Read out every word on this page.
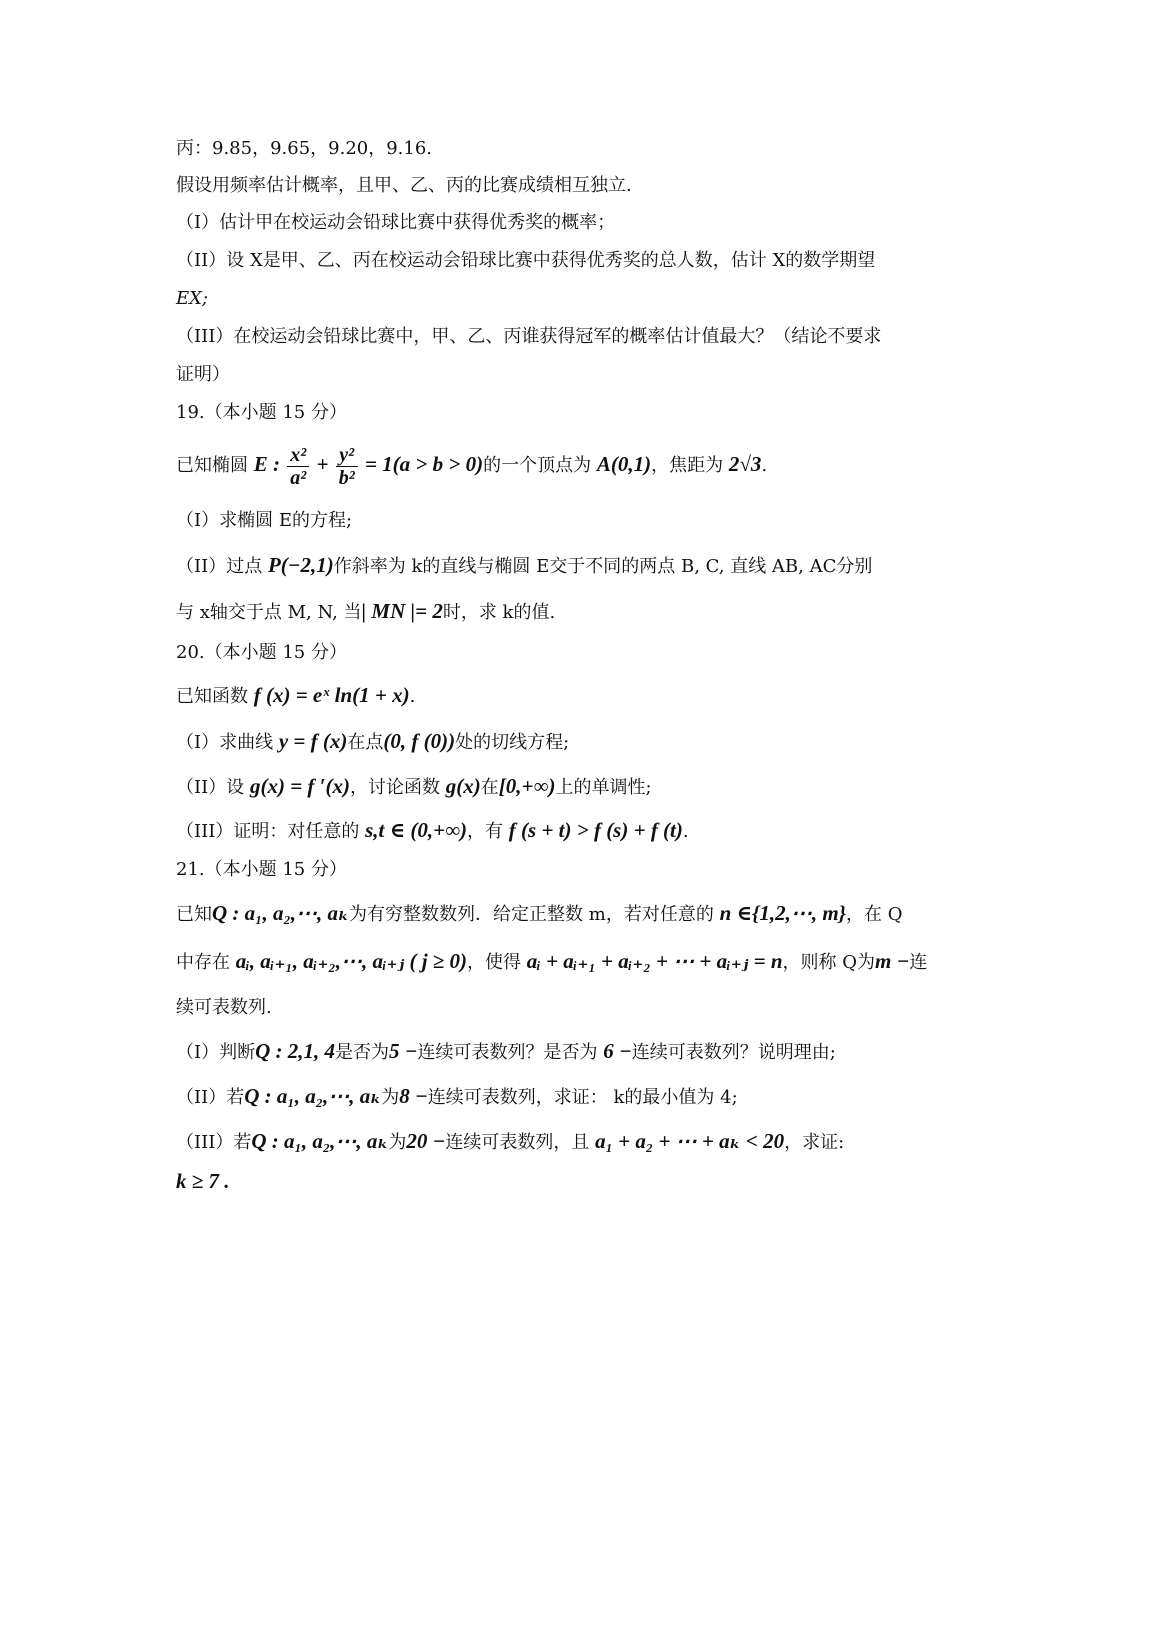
丙：9.85，9.65，9.20，9.16.
假设用频率估计概率，且甲、乙、丙的比赛成绩相互独立.
（I）估计甲在校运动会铅球比赛中获得优秀奖的概率；
（II）设 X是甲、乙、丙在校运动会铅球比赛中获得优秀奖的总人数，估计 X的数学期望
EX;
（III）在校运动会铅球比赛中，甲、乙、丙谁获得冠军的概率估计值最大？（结论不要求
证明）
19.（本小题 15 分）
已知椭圆 E : $\frac{\text{x²}}{\text{a²}} + \frac{\text{y²}}{\text{b²}} = 1(a > b > 0)$的一个顶点为 A(0,1)，焦距为 2√3.
（I）求椭圆 E的方程;
（II）过点 P(−2,1)作斜率为 k的直线与椭圆 E交于不同的两点 B, C, 直线 AB, AC分别
与 x轴交于点 M, N, 当| MN |= 2时，求 k的值.
20.（本小题 15 分）
已知函数 f (x) = eˣ ln(1 + x).
（I）求曲线 y = f (x)在点(0, f (0))处的切线方程;
（II）设 g(x) = f ′(x)，讨论函数 g(x)在[0,+∞)上的单调性;
（III）证明：对任意的 s,t ∈ (0,+∞)，有 f (s + t) > f (s) + f (t).
21.（本小题 15 分）
已知Q : a₁, a₂,⋯, aₖ为有穷整数数列．给定正整数 m，若对任意的 n ∈{1,2,⋯, m}，在 Q
中存在 aᵢ, aᵢ₊₁, aᵢ₊₂,⋯, aᵢ₊ⱼ ( j ≥ 0)，使得 aᵢ + aᵢ₊₁ + aᵢ₊₂ + ⋯ + aᵢ₊ⱼ = n，则称 Q为m −连
续可表数列.
（I）判断Q : 2,1, 4是否为5 −连续可表数列？是否为 6 −连续可表数列？说明理由;
（II）若Q : a₁, a₂,⋯, aₖ为8 −连续可表数列，求证： k的最小值为 4;
（III）若Q : a₁, a₂,⋯, aₖ为20 −连续可表数列，且 a₁ + a₂ + ⋯ + aₖ < 20，求证:
k ≥ 7 .
